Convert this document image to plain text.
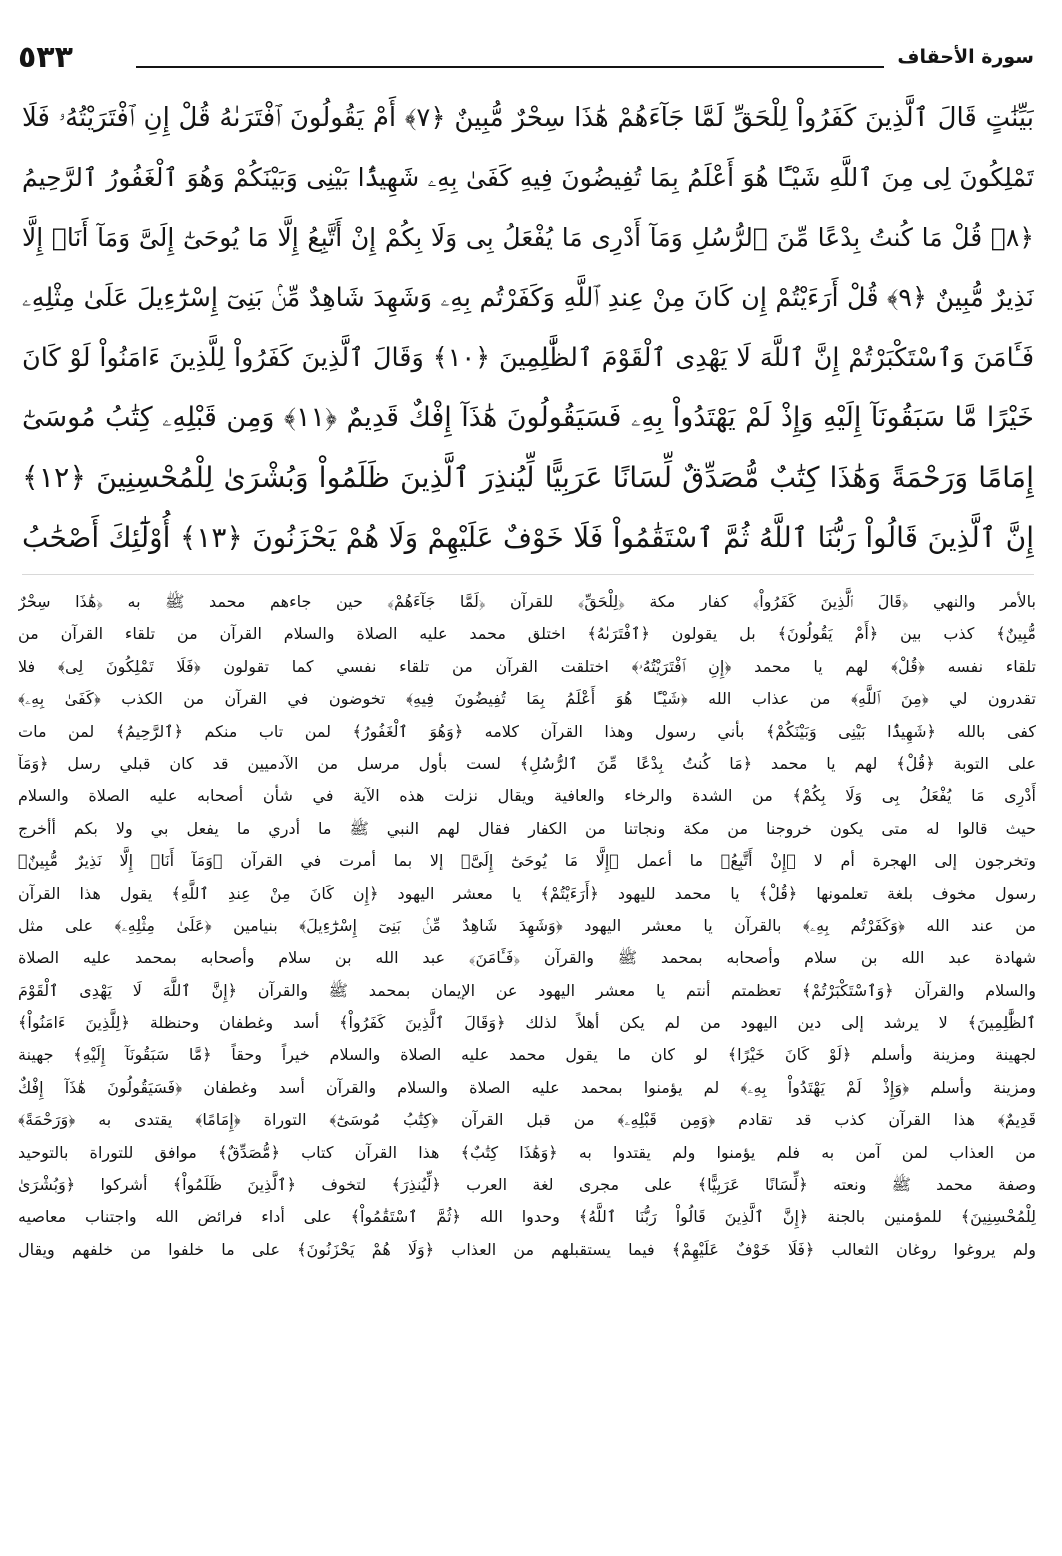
سورة الأحقاف
٥٣٣
بَيِّنَٰتٍ قَالَ ٱلَّذِينَ كَفَرُواْ لِلْحَقِّ لَمَّا جَآءَهُمْ هَٰذَا سِحْرٌ مُّبِينٌ ﴿٧﴾ أَمْ يَقُولُونَ ٱفْتَرَىٰهُ قُلْ إِنِ ٱفْتَرَيْتُهُۥ فَلَا
تَمْلِكُونَ لِى مِنَ ٱللَّهِ شَيْـًٔا هُوَ أَعْلَمُ بِمَا تُفِيضُونَ فِيهِ كَفَىٰ بِهِۦ شَهِيدًۢا بَيْنِى وَبَيْنَكُمْ وَهُوَ ٱلْغَفُورُ ٱلرَّحِيمُ
﴿٨﴾ قُلْ مَا كُنتُ بِدْعًا مِّنَ ٱلرُّسُلِ وَمَآ أَدْرِى مَا يُفْعَلُ بِى وَلَا بِكُمْ إِنْ أَتَّبِعُ إِلَّا مَا يُوحَىٰٓ إِلَىَّ وَمَآ أَنَا۠ إِلَّا
نَذِيرٌ مُّبِينٌ ﴿٩﴾ قُلْ أَرَءَيْتُمْ إِن كَانَ مِنْ عِندِ ٱللَّهِ وَكَفَرْتُم بِهِۦ وَشَهِدَ شَاهِدٌ مِّنۢ بَنِىٓ إِسْرَٰٓءِيلَ عَلَىٰ مِثْلِهِۦ
فَـَٔامَنَ وَٱسْتَكْبَرْتُمْ إِنَّ ٱللَّهَ لَا يَهْدِى ٱلْقَوْمَ ٱلظَّٰلِمِينَ ﴿١٠﴾ وَقَالَ ٱلَّذِينَ كَفَرُواْ لِلَّذِينَ ءَامَنُواْ لَوْ كَانَ
خَيْرًا مَّا سَبَقُونَآ إِلَيْهِ وَإِذْ لَمْ يَهْتَدُواْ بِهِۦ فَسَيَقُولُونَ هَٰذَآ إِفْكٌ قَدِيمٌ ﴿١١﴾ وَمِن قَبْلِهِۦ كِتَٰبُ مُوسَىٰٓ
إِمَامًا وَرَحْمَةً وَهَٰذَا كِتَٰبٌ مُّصَدِّقٌ لِّسَانًا عَرَبِيًّا لِّيُنذِرَ ٱلَّذِينَ ظَلَمُواْ وَبُشْرَىٰ لِلْمُحْسِنِينَ ﴿١٢﴾
إِنَّ ٱلَّذِينَ قَالُواْ رَبُّنَا ٱللَّهُ ثُمَّ ٱسْتَقَٰمُواْ فَلَا خَوْفٌ عَلَيْهِمْ وَلَا هُمْ يَحْزَنُونَ ﴿١٣﴾ أُوْلَٰٓئِكَ أَصْحَٰبُ
بالأمر والنهي ﴿قَالَ ٱلَّذِينَ كَفَرُواْ﴾ كفار مكة ﴿لِلْحَقِّ﴾ للقرآن ﴿لَمَّا جَآءَهُمْ﴾ حين جاءهم محمد ﷺ به ﴿هَٰذَا سِحْرٌ
مُّبِينٌ﴾ كذب بين ﴿أَمْ يَقُولُونَ﴾ بل يقولون ﴿ٱفْتَرَىٰهُ﴾ اختلق محمد عليه الصلاة والسلام القرآن من تلقاء القرآن من
تلقاء نفسه ﴿قُلْ﴾ لهم يا محمد ﴿إِنِ ٱفْتَرَيْتُهُۥ﴾ اختلقت القرآن من تلقاء نفسي كما تقولون ﴿فَلَا تَمْلِكُونَ لِى﴾ فلا
تقدرون لي ﴿مِنَ ٱللَّهِ﴾ من عذاب الله ﴿شَيْـًٔا هُوَ أَعْلَمُ بِمَا تُفِيضُونَ فِيهِ﴾ تخوضون في القرآن من الكذب ﴿كَفَىٰ بِهِۦ﴾
كفى بالله ﴿شَهِيدًۢا بَيْنِى وَبَيْنَكُمْ﴾ بأني رسول وهذا القرآن كلامه ﴿وَهُوَ ٱلْغَفُورُ﴾ لمن تاب منكم ﴿ٱلرَّحِيمُ﴾ لمن مات
على التوبة ﴿قُلْ﴾ لهم يا محمد ﴿مَا كُنتُ بِدْعًا مِّنَ ٱلرُّسُلِ﴾ لست بأول مرسل من الآدميين قد كان قبلي رسل ﴿وَمَآ
أَدْرِى مَا يُفْعَلُ بِى وَلَا بِكُمْ﴾ من الشدة والرخاء والعافية ويقال نزلت هذه الآية في شأن أصحابه عليه الصلاة والسلام
حيث قالوا له متى يكون خروجنا من مكة ونجاتنا من الكفار فقال لهم النبي ﷺ ما أدري ما يفعل بي ولا بكم أأخرج
وتخرجون إلى الهجرة أم لا ﴿إِنْ أَتَّبِعُ﴾ ما أعمل ﴿إِلَّا مَا يُوحَىٰٓ إِلَىَّ﴾ إلا بما أمرت في القرآن ﴿وَمَآ أَنَا۠ إِلَّا نَذِيرٌ مُّبِينٌ﴾
رسول مخوف بلغة تعلمونها ﴿قُلْ﴾ يا محمد لليهود ﴿أَرَءَيْتُمْ﴾ يا معشر اليهود ﴿إِن كَانَ مِنْ عِندِ ٱللَّهِ﴾ يقول هذا القرآن
من عند الله ﴿وَكَفَرْتُم بِهِۦ﴾ بالقرآن يا معشر اليهود ﴿وَشَهِدَ شَاهِدٌ مِّنۢ بَنِىٓ إِسْرَٰٓءِيلَ﴾ بنيامين ﴿عَلَىٰ مِثْلِهِۦ﴾ على مثل
شهادة عبد الله بن سلام وأصحابه بمحمد ﷺ والقرآن ﴿فَـَٔامَنَ﴾ عبد الله بن سلام وأصحابه بمحمد عليه الصلاة
والسلام والقرآن ﴿وَٱسْتَكْبَرْتُمْ﴾ تعظمتم أنتم يا معشر اليهود عن الإيمان بمحمد ﷺ والقرآن ﴿إِنَّ ٱللَّهَ لَا يَهْدِى ٱلْقَوْمَ
ٱلظَّٰلِمِينَ﴾ لا يرشد إلى دين اليهود من لم يكن أهلاً لذلك ﴿وَقَالَ ٱلَّذِينَ كَفَرُواْ﴾ أسد وغطفان وحنظلة ﴿لِلَّذِينَ ءَامَنُواْ﴾
لجهينة ومزينة وأسلم ﴿لَوْ كَانَ خَيْرًا﴾ لو كان ما يقول محمد عليه الصلاة والسلام خيراً وحقاً ﴿مَّا سَبَقُونَآ إِلَيْهِ﴾ جهينة
ومزينة وأسلم ﴿وَإِذْ لَمْ يَهْتَدُواْ بِهِۦ﴾ لم يؤمنوا بمحمد عليه الصلاة والسلام والقرآن أسد وغطفان ﴿فَسَيَقُولُونَ هَٰذَآ إِفْكٌ
قَدِيمٌ﴾ هذا القرآن كذب قد تقادم ﴿وَمِن قَبْلِهِۦ﴾ من قبل القرآن ﴿كِتَٰبُ مُوسَىٰٓ﴾ التوراة ﴿إِمَامًا﴾ يقتدى به ﴿وَرَحْمَةً﴾
من العذاب لمن آمن به فلم يؤمنوا ولم يقتدوا به ﴿وَهَٰذَا كِتَٰبٌ﴾ هذا القرآن كتاب ﴿مُّصَدِّقٌ﴾ موافق للتوراة بالتوحيد
وصفة محمد ﷺ ونعته ﴿لِّسَانًا عَرَبِيًّا﴾ على مجرى لغة العرب ﴿لِّيُنذِرَ﴾ لتخوف ﴿ٱلَّذِينَ ظَلَمُواْ﴾ أشركوا ﴿وَبُشْرَىٰ
لِلْمُحْسِنِينَ﴾ للمؤمنين بالجنة ﴿إِنَّ ٱلَّذِينَ قَالُواْ رَبُّنَا ٱللَّهُ﴾ وحدوا الله ﴿ثُمَّ ٱسْتَقَٰمُواْ﴾ على أداء فرائض الله واجتناب معاصيه
ولم يروغوا روغان الثعالب ﴿فَلَا خَوْفٌ عَلَيْهِمْ﴾ فيما يستقبلهم من العذاب ﴿وَلَا هُمْ يَحْزَنُونَ﴾ على ما خلفوا من خلفهم ويقال
